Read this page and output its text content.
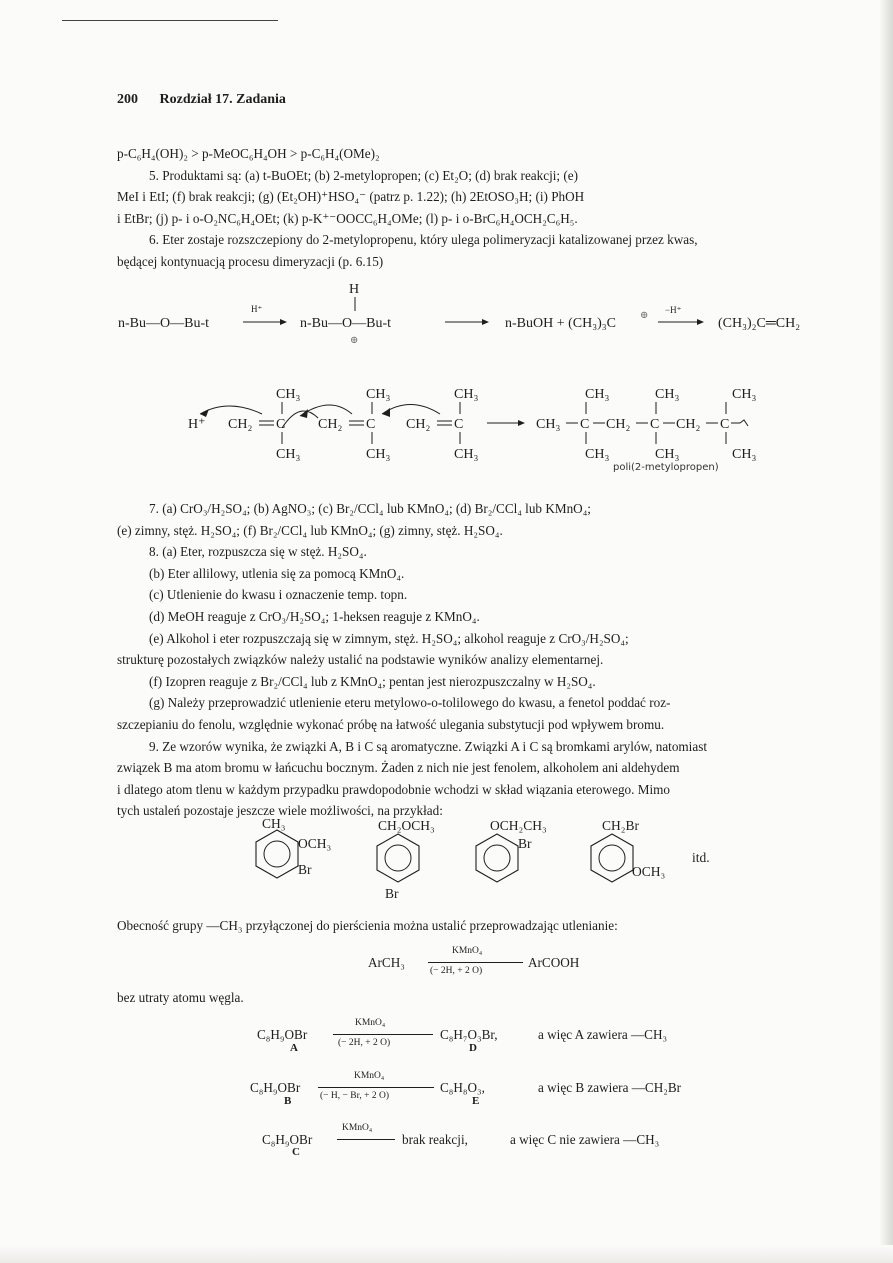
200 Rozdział 17. Zadania

p-C₆H₄(OH)₂ > p-MeOC₆H₄OH > p-C₆H₄(OMe)₂

5. Produktami są: (a) t-BuOEt; (b) 2-metylopropen; (c) Et₂O; (d) brak reakcji; (e)

MeI i EtI; (f) brak reakcji; (g) (Et₂OH)⁺HSO₄⁻ (patrz p. 1.22); (h) 2EtOSO₃H; (i) PhOH

i EtBr; (j) p- i o-O₂NC₆H₄OEt; (k) p-K⁺⁻OOCC₆H₄OMe; (l) p- i o-BrC₆H₄OCH₂C₆H₅.

6. Eter zostaje rozszczepiony do 2-metylopropenu, który ulega polimeryzacji katalizowanej przez kwas,

będącej kontynuacją procesu dimeryzacji (p. 6.15)

n-Bu—O—Bu-t
H⁺
H
n-Bu—O—Bu-t
⊕
n-BuOH + (CH₃)₃C
⊕ −H⁺
(CH₃)₂C═CH₂
H⁺
CH₃
CH₂ C
CH₃
CH₃
CH₂ C
CH₃
CH₃
CH₂ C
CH₃
CH₃ C
CH₃
CH₃
CH₂ C
CH₃
CH₃
CH₂ C
CH₃
CH₃
CH₃
OCH₃
Br
CH₂OCH₃
Br
OCH₂CH₃
Br
CH₂Br
OCH₃
itd.
poli(2-metylopropen)

7. (a) CrO₃/H₂SO₄; (b) AgNO₃; (c) Br₂/CCl₄ lub KMnO₄; (d) Br₂/CCl₄ lub KMnO₄;

(e) zimny, stęż. H₂SO₄; (f) Br₂/CCl₄ lub KMnO₄; (g) zimny, stęż. H₂SO₄.

8. (a) Eter, rozpuszcza się w stęż. H₂SO₄.

(b) Eter allilowy, utlenia się za pomocą KMnO₄.

(c) Utlenienie do kwasu i oznaczenie temp. topn.

(d) MeOH reaguje z CrO₃/H₂SO₄; 1-heksen reaguje z KMnO₄.

(e) Alkohol i eter rozpuszczają się w zimnym, stęż. H₂SO₄; alkohol reaguje z CrO₃/H₂SO₄;

strukturę pozostałych związków należy ustalić na podstawie wyników analizy elementarnej.

(f) Izopren reaguje z Br₂/CCl₄ lub z KMnO₄; pentan jest nierozpuszczalny w H₂SO₄.

(g) Należy przeprowadzić utlenienie eteru metylowo-o-tolilowego do kwasu, a fenetol poddać roz-

szczepianiu do fenolu, względnie wykonać próbę na łatwość ulegania substytucji pod wpływem bromu.

9. Ze wzorów wynika, że związki A, B i C są aromatyczne. Związki A i C są bromkami arylów, natomiast

związek B ma atom bromu w łańcuchu bocznym. Żaden z nich nie jest fenolem, alkoholem ani aldehydem

i dlatego atom tlenu w każdym przypadku prawdopodobnie wchodzi w skład wiązania eterowego. Mimo

tych ustaleń pozostaje jeszcze wiele możliwości, na przykład:

Obecność grupy —CH₃ przyłączonej do pierścienia można ustalić przeprowadzając utlenianie:
ArCH₃
KMnO₄
(− 2H, + 2 O)
ArCOOH
bez utraty atomu węgla.
C₈H₉OBr
A
KMnO₄
(− 2H, + 2 O)
C₈H₇O₃Br,
D
a więc A zawiera —CH₃
C₈H₉OBr
B
KMnO₄
(− H, − Br, + 2 O)
C₈H₈O₃,
E
a więc B zawiera —CH₂Br
C₈H₉OBr
C
KMnO₄
brak reakcji,	a więc C nie zawiera —CH₃
